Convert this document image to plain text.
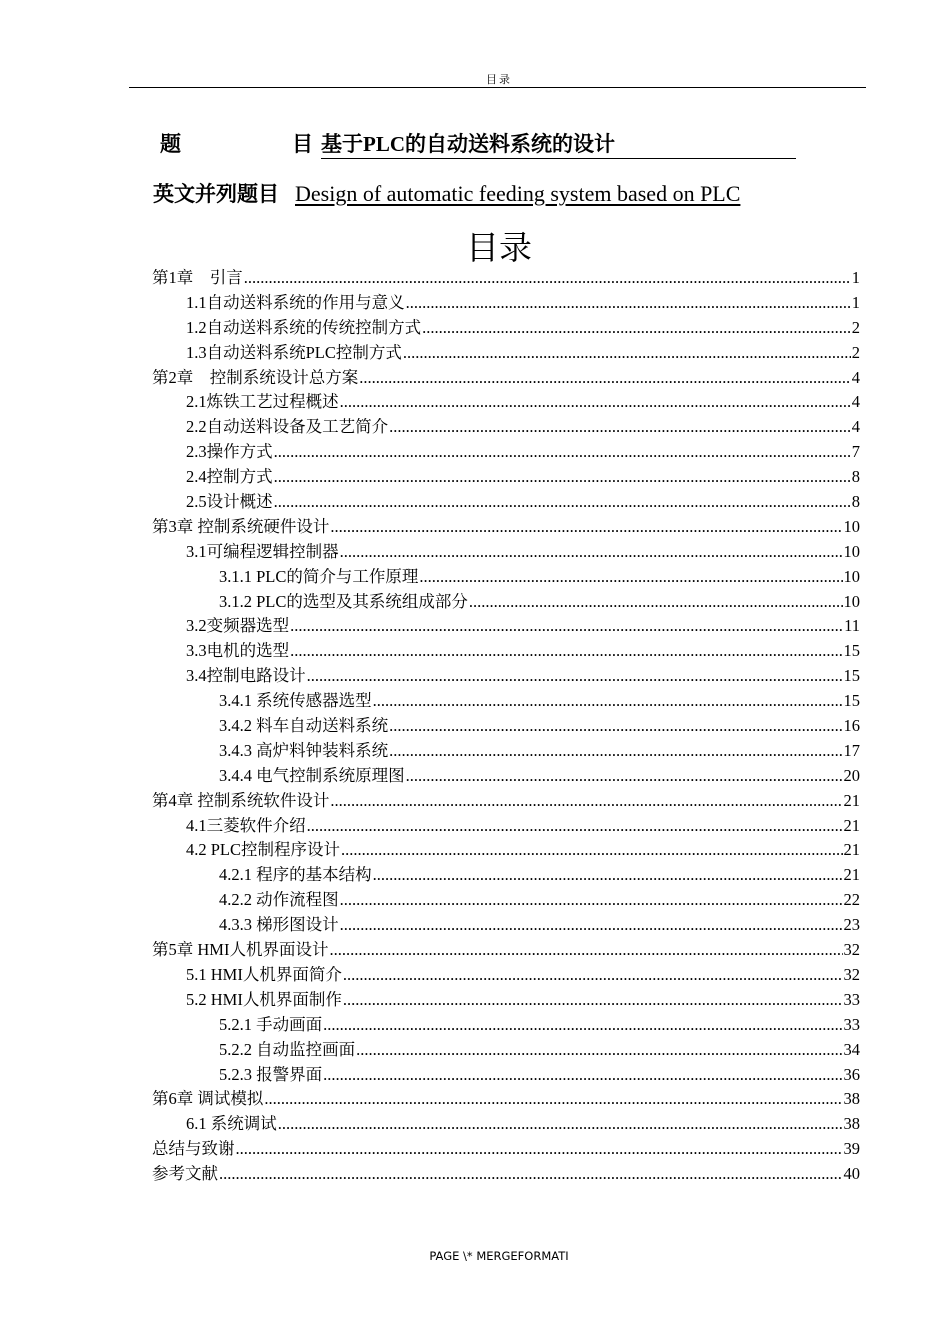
目录
题	目 基于PLC的自动送料系统的设计
英文并列题目 Design of automatic feeding system based on PLC
目录
第1章　引言 .....	1
1.1自动送料系统的作用与意义 .....	1
1.2自动送料系统的传统控制方式 .....	2
1.3自动送料系统PLC控制方式 .....	2
第2章　控制系统设计总方案 .....	4
2.1炼铁工艺过程概述 .....	4
2.2自动送料设备及工艺简介 .....	4
2.3操作方式 .....	7
2.4控制方式 .....	8
2.5设计概述 .....	8
第3章 控制系统硬件设计 .....	10
3.1可编程逻辑控制器 .....	10
3.1.1 PLC的简介与工作原理 .....	10
3.1.2 PLC的选型及其系统组成部分 .....	10
3.2变频器选型 .....	11
3.3电机的选型 .....	15
3.4控制电路设计 .....	15
3.4.1 系统传感器选型 .....	15
3.4.2 料车自动送料系统 .....	16
3.4.3 高炉料钟装料系统 .....	17
3.4.4 电气控制系统原理图 .....	20
第4章 控制系统软件设计 .....	21
4.1三菱软件介绍 .....	21
4.2 PLC控制程序设计 .....	21
4.2.1 程序的基本结构 .....	21
4.2.2 动作流程图 .....	22
4.3.3 梯形图设计 .....	23
第5章 HMI人机界面设计 .....	32
5.1 HMI人机界面简介 .....	32
5.2 HMI人机界面制作 .....	33
5.2.1 手动画面 .....	33
5.2.2 自动监控画面 .....	34
5.2.3 报警界面 .....	36
第6章 调试模拟 .....	38
6.1 系统调试 .....	38
总结与致谢 .....	39
参考文献 .....	40
PAGE \* MERGEFORMATI
